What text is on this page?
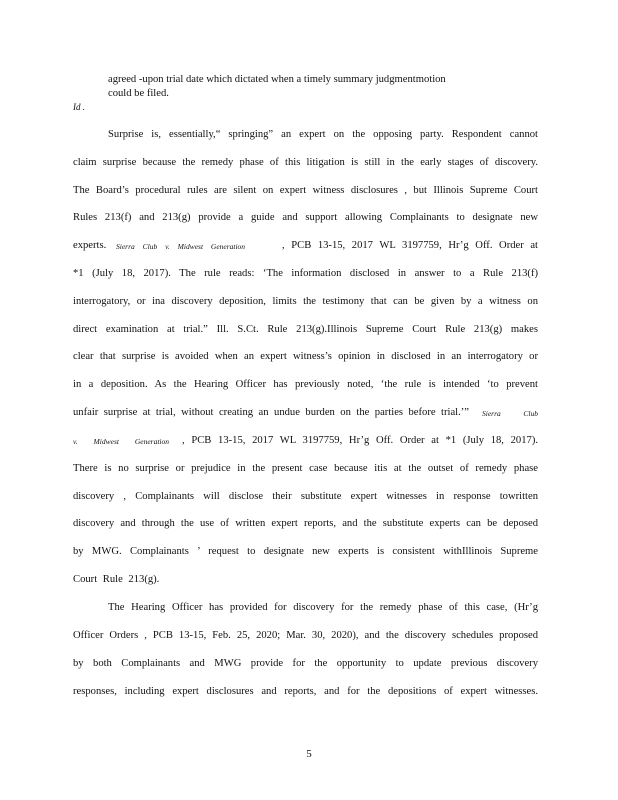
agreed -upon trial date which dictated when a timely summary judgmentmotion
could be filed.
Id .
Surprise is, essentially,“ springing” an expert on the opposing party. Respondent cannot
claim surprise because the remedy phase of this litigation is still in the early stages of discovery.
The Board’s procedural rules are silent on expert witness disclosures , but Illinois Supreme Court
Rules 213(f) and 213(g) provide a guide and support allowing Complainants to designate new
experts. Sierra Club v. Midwest Generation	, PCB 13-15, 2017 WL 3197759, Hr’g Off. Order at
*1 (July 18, 2017). The rule reads: ‘The information disclosed in answer to a Rule 213(f)
interrogatory, or ina discovery deposition, limits the testimony that can be given by a witness on
direct examination at trial.” Ill. S.Ct. Rule 213(g).Illinois Supreme Court Rule 213(g) makes
clear that surprise is avoided when an expert witness’s opinion in disclosed in an interrogatory or
in a deposition. As the Hearing Officer has previously noted, ‘the rule is intended ‘to prevent
unfair surprise at trial, without creating an undue burden on the parties before trial.’” Sierra Club
v. Midwest Generation , PCB 13-15, 2017 WL 3197759, Hr’g Off. Order at *1 (July 18, 2017).
There is no surprise or prejudice in the present case because itis at the outset of remedy phase
discovery , Complainants will disclose their substitute expert witnesses in response towritten
discovery and through the use of written expert reports, and the substitute experts can be deposed
by MWG. Complainants ’ request to designate new experts is consistent withIllinois Supreme
Court Rule 213(g).
The Hearing Officer has provided for discovery for the remedy phase of this case, (Hr’g
Officer Orders , PCB 13-15, Feb. 25, 2020; Mar. 30, 2020), and the discovery schedules proposed
by both Complainants and MWG provide for the opportunity to update previous discovery
responses, including expert disclosures and reports, and for the depositions of expert witnesses.
5
